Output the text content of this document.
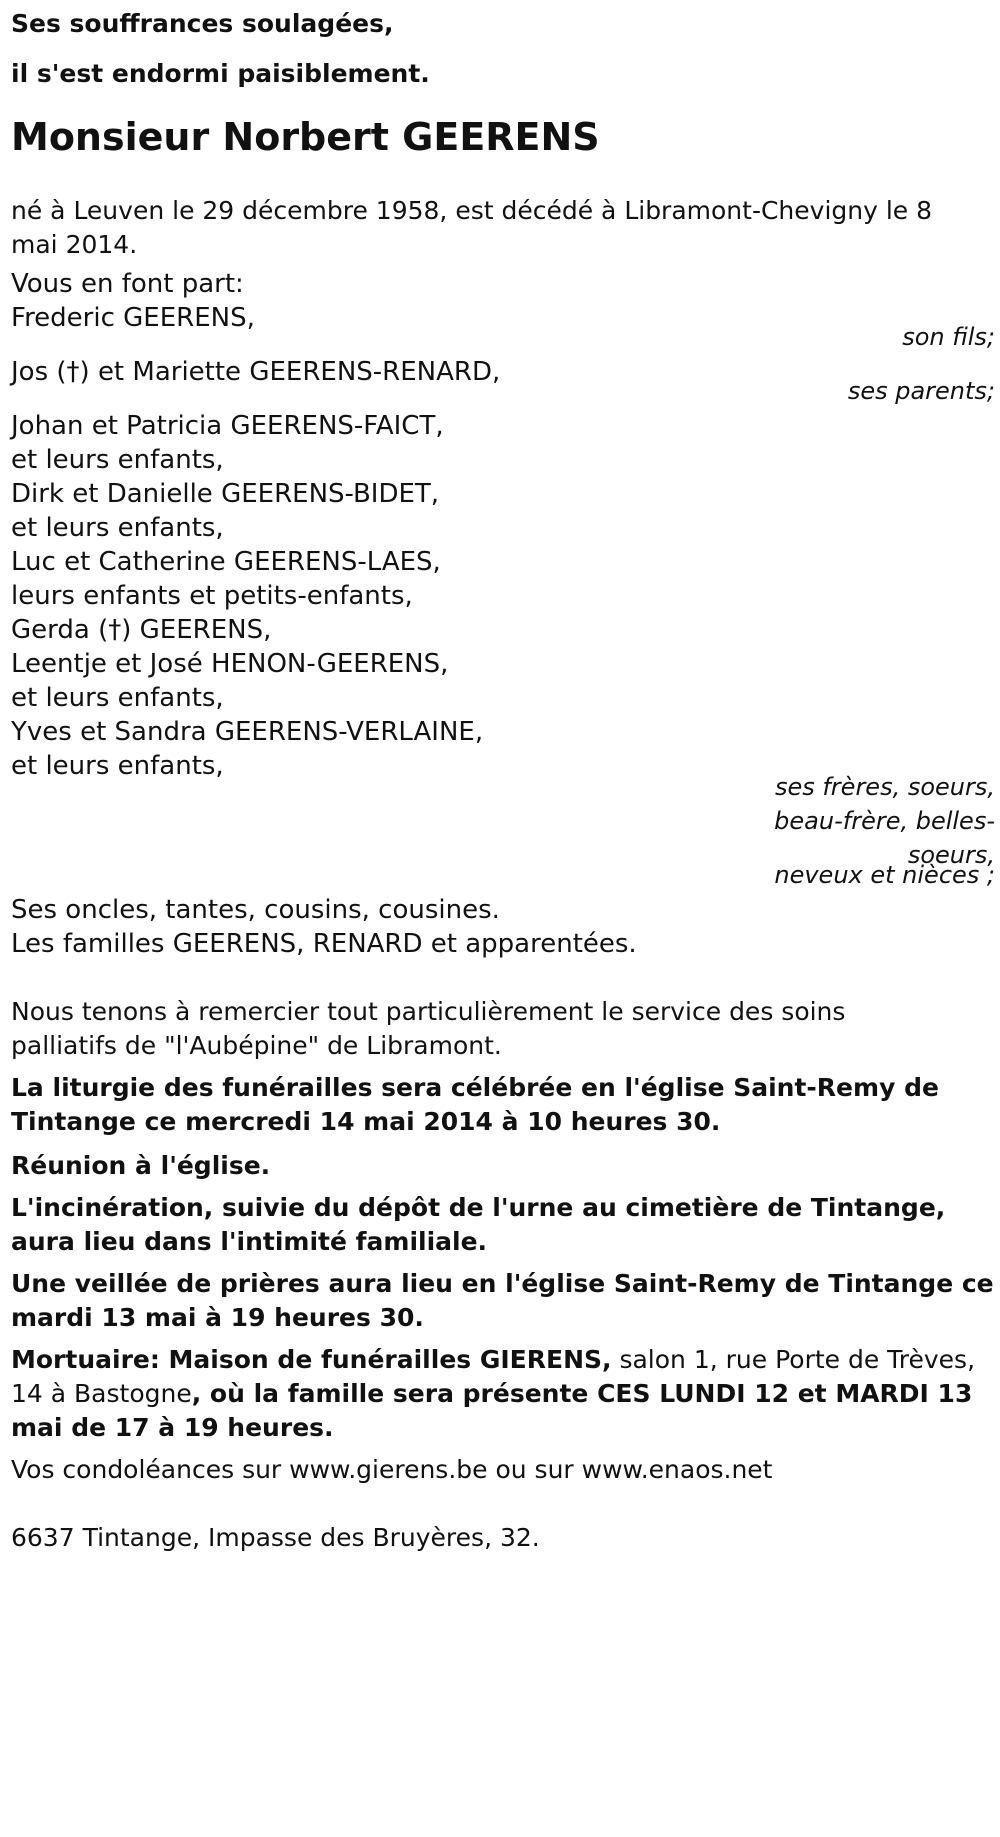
Ses souffrances soulagées,

il s'est endormi paisiblement.

Monsieur Norbert GEERENS

né à Leuven le 29 décembre 1958, est décédé à Libramont-Chevigny le 8

mai 2014.

Vous en font part:

Frederic GEERENS,

son fils;

Jos (†) et Mariette GEERENS-RENARD,

ses parents;

Johan et Patricia GEERENS-FAICT,

et leurs enfants,

Dirk et Danielle GEERENS-BIDET,

et leurs enfants,

Luc et Catherine GEERENS-LAES,

leurs enfants et petits-enfants,

Gerda (†) GEERENS,

Leentje et José HENON-GEERENS,

et leurs enfants,

Yves et Sandra GEERENS-VERLAINE,

et leurs enfants,

ses frères, soeurs,

beau-frère, belles-

soeurs,

neveux et nièces ;

Ses oncles, tantes, cousins, cousines.

Les familles GEERENS, RENARD et apparentées.

Nous tenons à remercier tout particulièrement le service des soins

palliatifs de "l'Aubépine" de Libramont.

La liturgie des funérailles sera célébrée en l'église Saint-Remy de

Tintange ce mercredi 14 mai 2014 à 10 heures 30.

Réunion à l'église.

L'incinération, suivie du dépôt de l'urne au cimetière de Tintange,

aura lieu dans l'intimité familiale.

Une veillée de prières aura lieu en l'église Saint-Remy de Tintange ce

mardi 13 mai à 19 heures 30.

Mortuaire: Maison de funérailles GIERENS, salon 1, rue Porte de Trèves,

14 à Bastogne, où la famille sera présente CES LUNDI 12 et MARDI 13

mai de 17 à 19 heures.

Vos condoléances sur www.gierens.be ou sur www.enaos.net

6637 Tintange, Impasse des Bruyères, 32.
